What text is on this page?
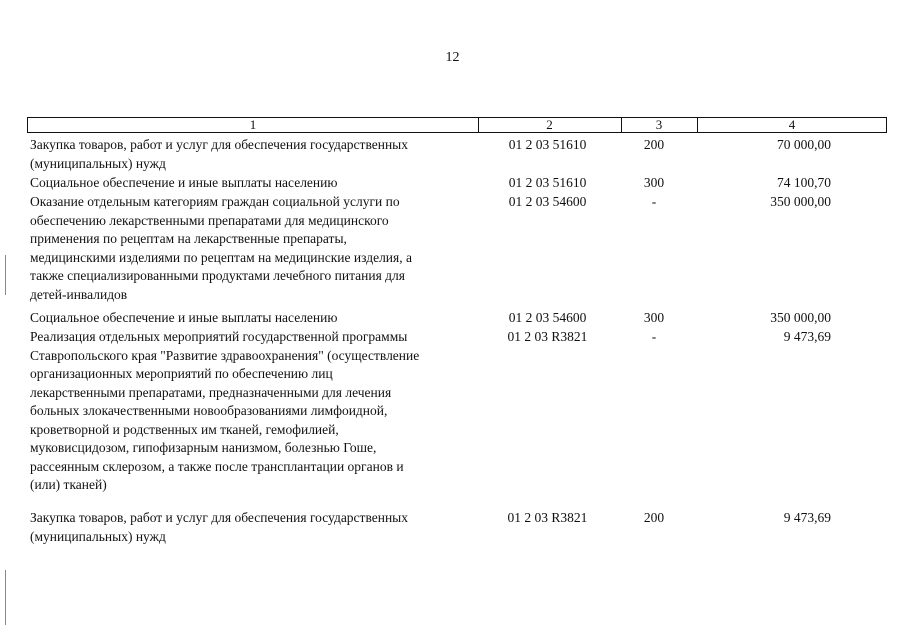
12
1	2	3	4
Закупка товаров, работ и услуг для обеспечения государственных
(муниципальных) нужд
01 2 03 51610	200	70 000,00
Социальное обеспечение и иные выплаты населению	01 2 03 51610	300	74 100,70
Оказание отдельным категориям граждан социальной услуги по
обеспечению лекарственными препаратами для медицинского
применения по рецептам на лекарственные препараты,
медицинскими изделиями по рецептам на медицинские изделия, а
также специализированными продуктами лечебного питания для
детей-инвалидов
01 2 03 54600	-	350 000,00
Социальное обеспечение и иные выплаты населению	01 2 03 54600	300	350 000,00
Реализация отдельных мероприятий государственной программы
Ставропольского края "Развитие здравоохранения" (осуществление
организационных мероприятий по обеспечению лиц
лекарственными препаратами, предназначенными для лечения
больных злокачественными новообразованиями лимфоидной,
кроветворной и родственных им тканей, гемофилией,
муковисцидозом, гипофизарным нанизмом, болезнью Гоше,
рассеянным склерозом, а также после трансплантации органов и
(или) тканей)
01 2 03 R3821	-	9 473,69
Закупка товаров, работ и услуг для обеспечения государственных
(муниципальных) нужд
01 2 03 R3821	200	9 473,69
